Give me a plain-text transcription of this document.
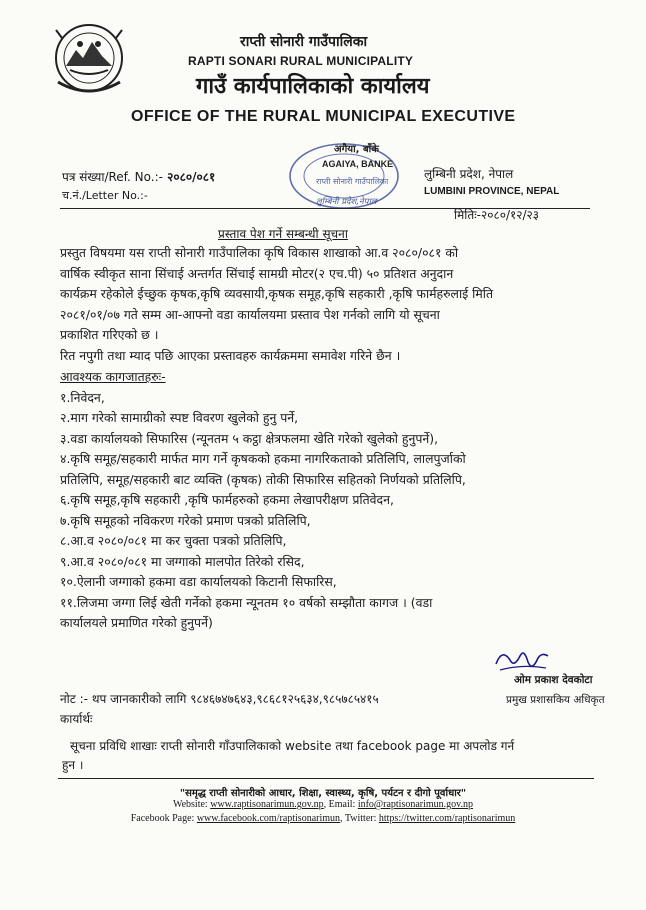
राप्ती सोनारी गाउँपालिका
RAPTI SONARI RURAL MUNICIPALITY
गाउँ कार्यपालिकाको कार्यालय
OFFICE OF THE RURAL MUNICIPAL EXECUTIVE
पत्र संख्या/Ref. No.:- २०८०/०८१
च.नं./Letter No.:-
अगैया, बाँके
AGAIYA, BANKE
राप्ती सोनारी गाउँपालिका
लुम्बिनी प्रदेश,नेपाल
लुम्बिनी प्रदेश, नेपाल
LUMBINI PROVINCE, NEPAL
मितिः-२०८०/१२/२३
प्रस्ताव पेश गर्ने सम्बन्धी सूचना

प्रस्तुत विषयमा यस राप्ती सोनारी गाउँपालिका कृषि विकास शाखाको आ.व २०८०/०८१ को

वार्षिक स्वीकृत साना सिंचाई अन्तर्गत सिंचाई सामग्री मोटर(२ एच.पी) ५० प्रतिशत अनुदान

कार्यक्रम रहेकोले ईच्छुक कृषक,कृषि व्यवसायी,कृषक समूह,कृषि सहकारी ,कृषि फार्महरुलाई मिति

२०८१/०१/०७ गते सम्म आ-आफ्नो वडा कार्यालयमा प्रस्ताव पेश गर्नको लागि यो सूचना

प्रकाशित गरिएको छ ।

रित नपुगी तथा म्याद पछि आएका प्रस्तावहरु कार्यक्रममा समावेश गरिने छैन ।

आवश्यक कागजातहरुः-

१.निवेदन,

२.माग गरेको सामाग्रीको स्पष्ट विवरण खुलेको हुनु पर्ने,

३.वडा कार्यालयको सिफारिस (न्यूनतम ५ कट्ठा क्षेत्रफलमा खेति गरेको खुलेको हुनुपर्ने),

४.कृषि समूह/सहकारी मार्फत माग गर्ने कृषकको हकमा नागरिकताको प्रतिलिपि, लालपुर्जाको

प्रतिलिपि, समूह/सहकारी बाट व्यक्ति (कृषक) तोकी सिफारिस सहितको निर्णयको प्रतिलिपि,

६.कृषि समूह,कृषि सहकारी ,कृषि फार्महरुको हकमा लेखापरीक्षण प्रतिवेदन,

७.कृषि समूहको नविकरण गरेको प्रमाण पत्रको प्रतिलिपि,

८.आ.व २०८०/०८१ मा कर चुक्ता पत्रको प्रतिलिपि,

९.आ.व २०८०/०८१ मा जग्गाको मालपोत तिरेको रसिद,

१०.ऐलानी जग्गाको हकमा वडा कार्यालयको किटानी सिफारिस,

११.लिजमा जग्गा लिई खेती गर्नेको हकमा न्यूनतम १० वर्षको सम्झौता कागज । (वडा

कार्यालयले प्रमाणित गरेको हुनुपर्ने)

ओम प्रकाश देवकोटा
प्रमुख प्रशासकिय अधिकृत
नोट :- थप जानकारीको लागि ९८४६७४७६४३,९८६८१२५६३४,९८५७८५४१५
कार्यार्थः
सूचना प्रविधि शाखाः राप्ती सोनारी गाँउपालिकाको website तथा facebook page मा अपलोड गर्न
हुन ।
"समृद्ध राप्ती सोनारीको आधार, शिक्षा, स्वास्थ्य, कृषि, पर्यटन र दीगो पूर्वाधार"
Website: www.raptisonarimun.gov.np, Email: info@raptisonarimun.gov.np
Facebook Page: www.facebook.com/raptisonarimun, Twitter: https://twitter.com/raptisonarimun
